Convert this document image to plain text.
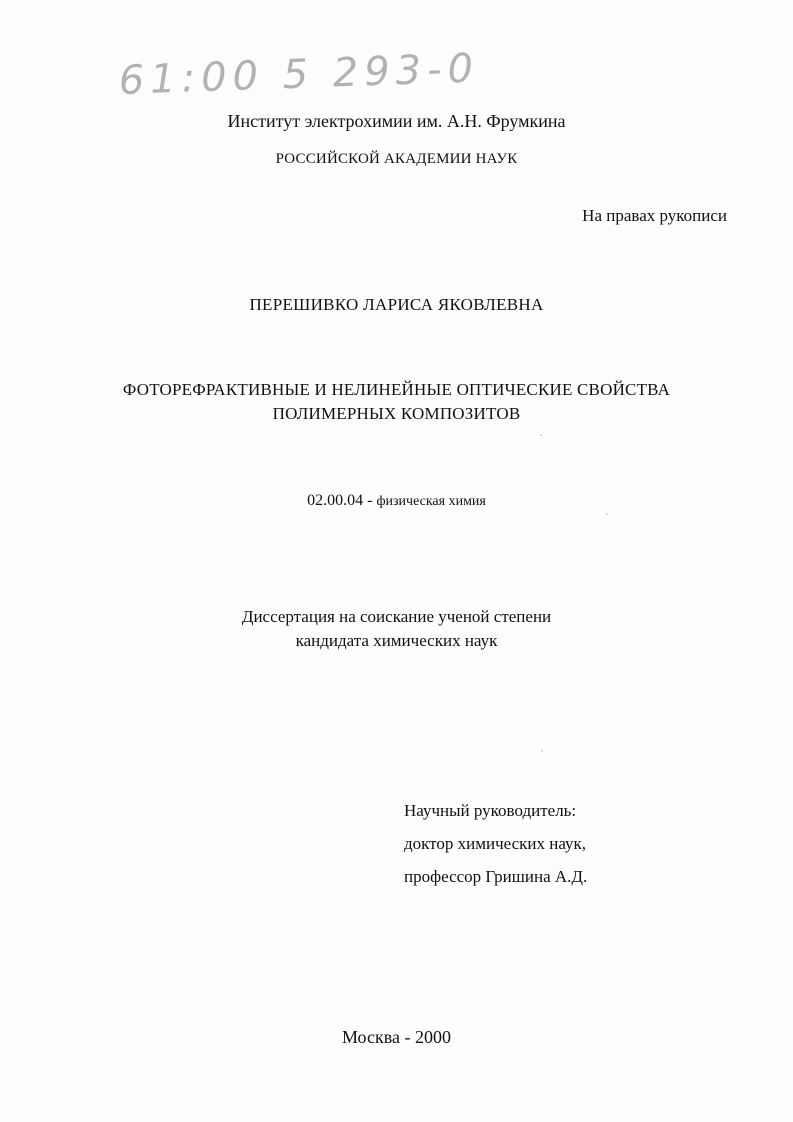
61:00 5 293-0
Институт электрохимии им. А.Н. Фрумкина
РОССИЙСКОЙ АКАДЕМИИ НАУК
На правах рукописи
ПЕРЕШИВКО ЛАРИСА ЯКОВЛЕВНА
ФОТОРЕФРАКТИВНЫЕ И НЕЛИНЕЙНЫЕ ОПТИЧЕСКИЕ СВОЙСТВА
ПОЛИМЕРНЫХ КОМПОЗИТОВ
02.00.04 - физическая химия
Диссертация на соискание ученой степени
кандидата химических наук
Научный руководитель:
доктор химических наук,
профессор Гришина А.Д.
Москва - 2000
